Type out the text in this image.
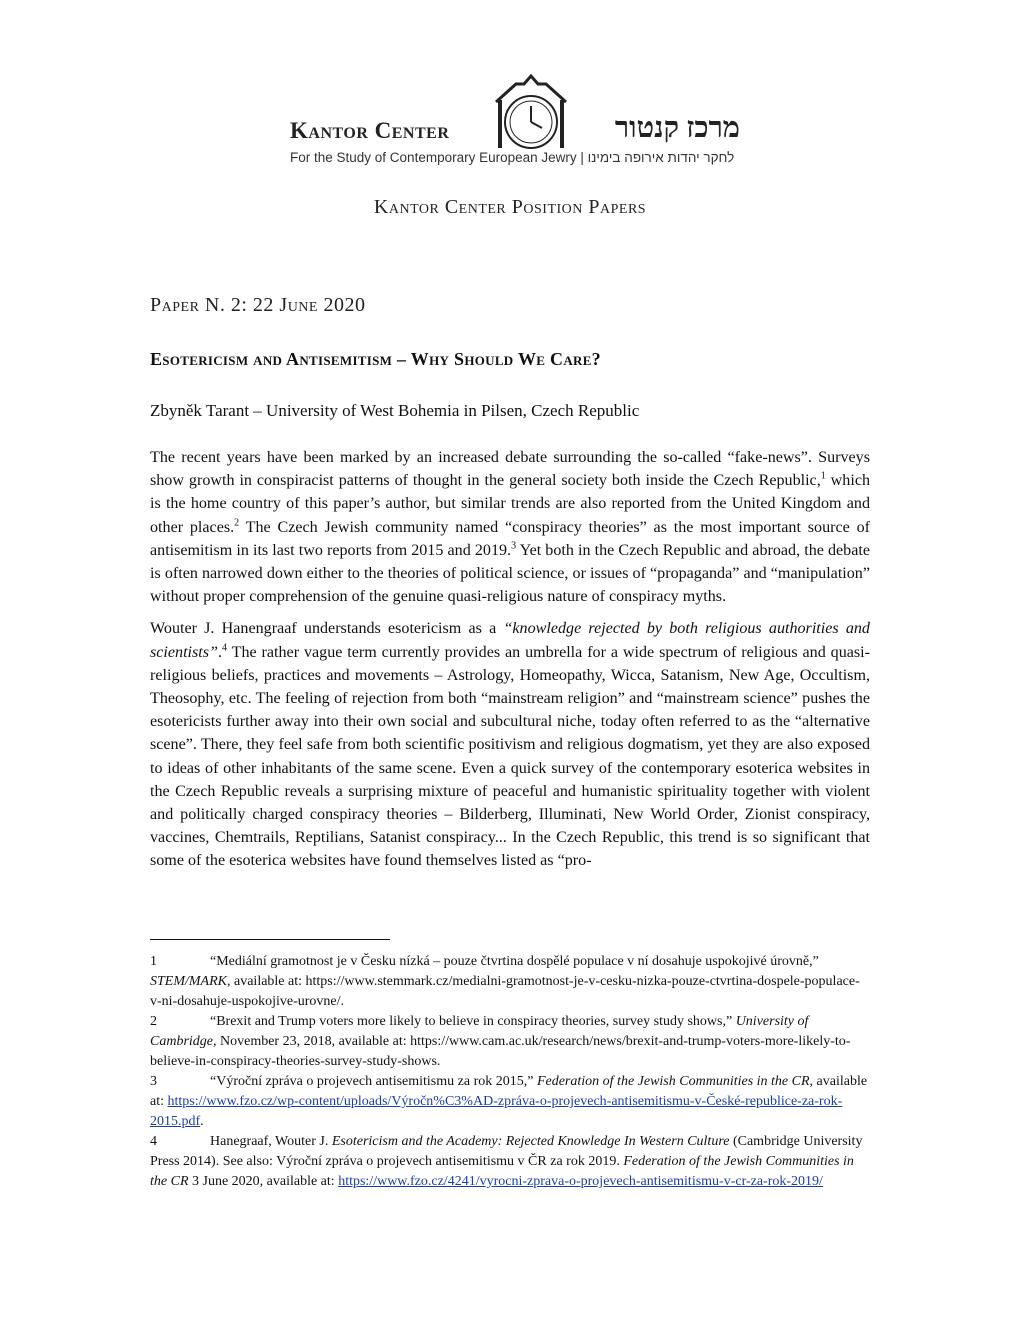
Kantor Center	מרכז קנטור
For the Study of Contemporary European Jewry | לחקר יהדות אירופה בימינו
Kantor Center Position Papers
Paper N. 2: 22 June 2020
Esotericism and Antisemitism – Why Should We Care?
Zbyněk Tarant – University of West Bohemia in Pilsen, Czech Republic

The recent years have been marked by an increased debate surrounding the so-called “fake-news”. Surveys show growth in conspiracist patterns of thought in the general society both inside the Czech Republic,$^1$ which is the home country of this paper’s author, but similar trends are also reported from the United Kingdom and other places.$^2$ The Czech Jewish community named “conspiracy theories” as the most important source of antisemitism in its last two reports from 2015 and 2019.$^3$ Yet both in the Czech Republic and abroad, the debate is often narrowed down either to the theories of political science, or issues of “propaganda” and “manipulation” without proper comprehension of the genuine quasi-religious nature of conspiracy myths.

Wouter J. Hanengraaf understands esotericism as a “knowledge rejected by both religious authorities and scientists”.$^4$ The rather vague term currently provides an umbrella for a wide spectrum of religious and quasi-religious beliefs, practices and movements – Astrology, Homeopathy, Wicca, Satanism, New Age, Occultism, Theosophy, etc. The feeling of rejection from both “mainstream religion” and “mainstream science” pushes the esotericists further away into their own social and subcultural niche, today often referred to as the “alternative scene”. There, they feel safe from both scientific positivism and religious dogmatism, yet they are also exposed to ideas of other inhabitants of the same scene. Even a quick survey of the contemporary esoterica websites in the Czech Republic reveals a surprising mixture of peaceful and humanistic spirituality together with violent and politically charged conspiracy theories – Bilderberg, Illuminati, New World Order, Zionist conspiracy, vaccines, Chemtrails, Reptilians, Satanist conspiracy... In the Czech Republic, this trend is so significant that some of the esoterica websites have found themselves listed as “pro-

1	“Mediální gramotnost je v Česku nízká – pouze čtvrtina dospělé populace v ní dosahuje uspokojivé úrovně,” STEM/MARK, available at: https://www.stemmark.cz/medialni-gramotnost-je-v-cesku-nizka-pouze-ctvrtina-dospele-populace-v-ni-dosahuje-uspokojive-urovne/.

2	“Brexit and Trump voters more likely to believe in conspiracy theories, survey study shows,” University of Cambridge, November 23, 2018, available at: https://www.cam.ac.uk/research/news/brexit-and-trump-voters-more-likely-to-believe-in-conspiracy-theories-survey-study-shows.

3	“Výroční zpráva o projevech antisemitismu za rok 2015,” Federation of the Jewish Communities in the CR, available at: https://www.fzo.cz/wp-content/uploads/Výročn%C3%AD-zpráva-o-projevech-antisemitismu-v-České-republice-za-rok-2015.pdf.

4	Hanegraaf, Wouter J. Esotericism and the Academy: Rejected Knowledge In Western Culture (Cambridge University Press 2014). See also: Výroční zpráva o projevech antisemitismu v ČR za rok 2019. Federation of the Jewish Communities in the CR 3 June 2020, available at: https://www.fzo.cz/4241/vyrocni-zprava-o-projevech-antisemitismu-v-cr-za-rok-2019/
